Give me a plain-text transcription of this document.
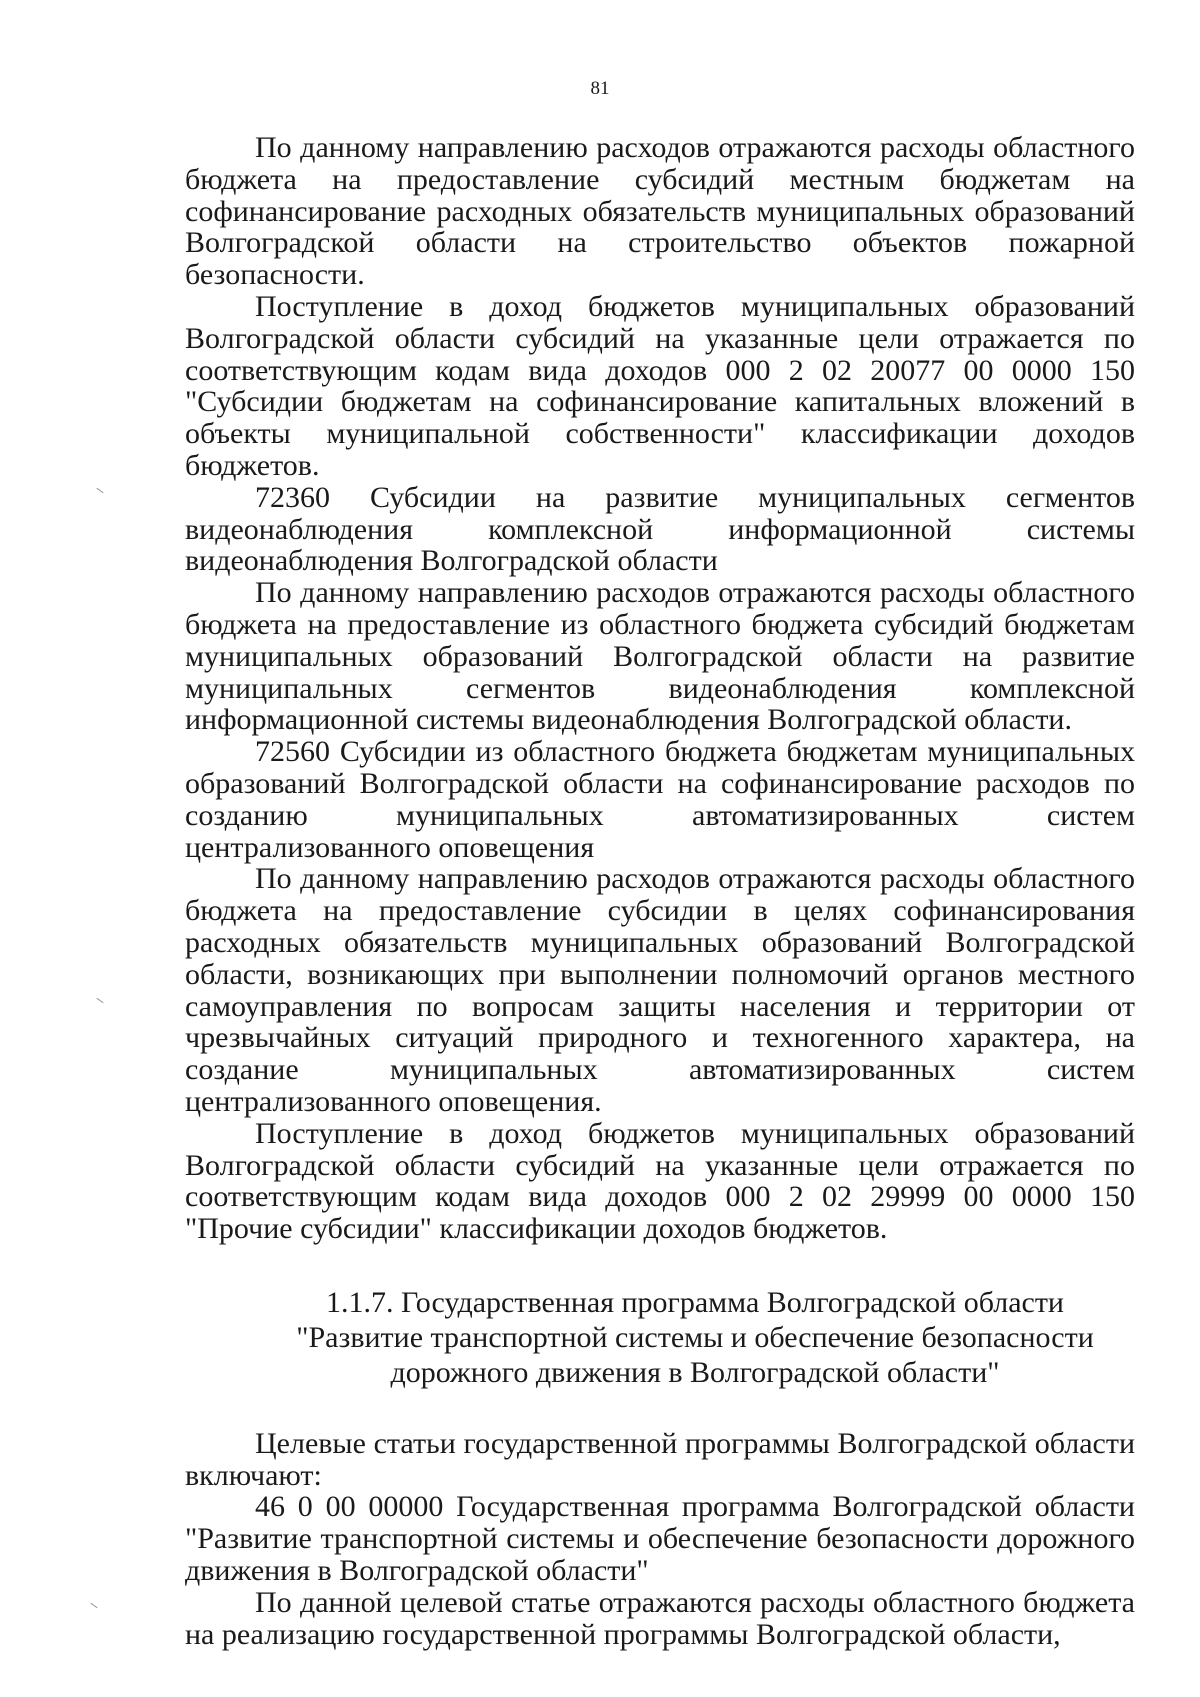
81

По данному направлению расходов отражаются расходы областного бюджета на предоставление субсидий местным бюджетам на софинансирование расходных обязательств муниципальных образований Волгоградской области на строительство объектов пожарной безопасности.

Поступление в доход бюджетов муниципальных образований Волгоградской области субсидий на указанные цели отражается по соответствующим кодам вида доходов 000 2 02 20077 00 0000 150 "Субсидии бюджетам на софинансирование капитальных вложений в объекты муниципальной собственности" классификации доходов бюджетов.

72360 Субсидии на развитие муниципальных сегментов видеонаблюдения комплексной информационной системы видеонаблюдения Волгоградской области

По данному направлению расходов отражаются расходы областного бюджета на предоставление из областного бюджета субсидий бюджетам муниципальных образований Волгоградской области на развитие муниципальных сегментов видеонаблюдения комплексной информационной системы видеонаблюдения Волгоградской области.

72560 Субсидии из областного бюджета бюджетам муниципальных образований Волгоградской области на софинансирование расходов по созданию муниципальных автоматизированных систем централизованного оповещения

По данному направлению расходов отражаются расходы областного бюджета на предоставление субсидии в целях софинансирования расходных обязательств муниципальных образований Волгоградской области, возникающих при выполнении полномочий органов местного самоуправления по вопросам защиты населения и территории от чрезвычайных ситуаций природного и техногенного характера, на создание муниципальных автоматизированных систем централизованного оповещения.

Поступление в доход бюджетов муниципальных образований Волгоградской области субсидий на указанные цели отражается по соответствующим кодам вида доходов 000 2 02 29999 00 0000 150 "Прочие субсидии" классификации доходов бюджетов.

1.1.7. Государственная программа Волгоградской области
"Развитие транспортной системы и обеспечение безопасности
дорожного движения в Волгоградской области"

Целевые статьи государственной программы Волгоградской области включают:

46 0 00 00000 Государственная программа Волгоградской области "Развитие транспортной системы и обеспечение безопасности дорожного движения в Волгоградской области"

По данной целевой статье отражаются расходы областного бюджета на реализацию государственной программы Волгоградской области,
